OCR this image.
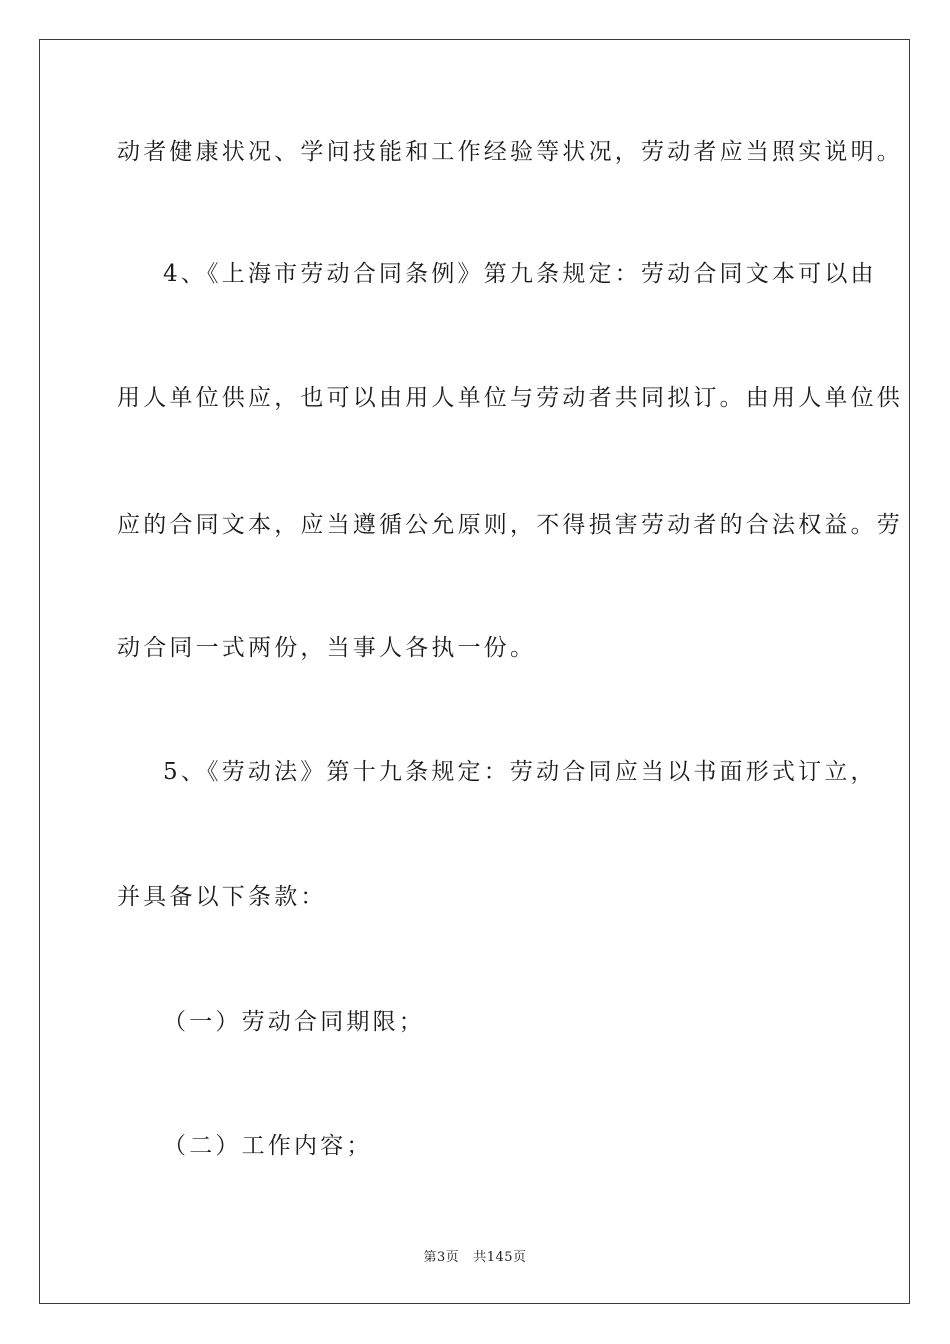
动者健康状况、学问技能和工作经验等状况，劳动者应当照实说明。
4、《上海市劳动合同条例》第九条规定：劳动合同文本可以由
用人单位供应，也可以由用人单位与劳动者共同拟订。由用人单位供
应的合同文本，应当遵循公允原则，不得损害劳动者的合法权益。劳
动合同一式两份，当事人各执一份。
5、《劳动法》第十九条规定：劳动合同应当以书面形式订立，
并具备以下条款：
（一）劳动合同期限；
（二）工作内容；
第3页 共145页
